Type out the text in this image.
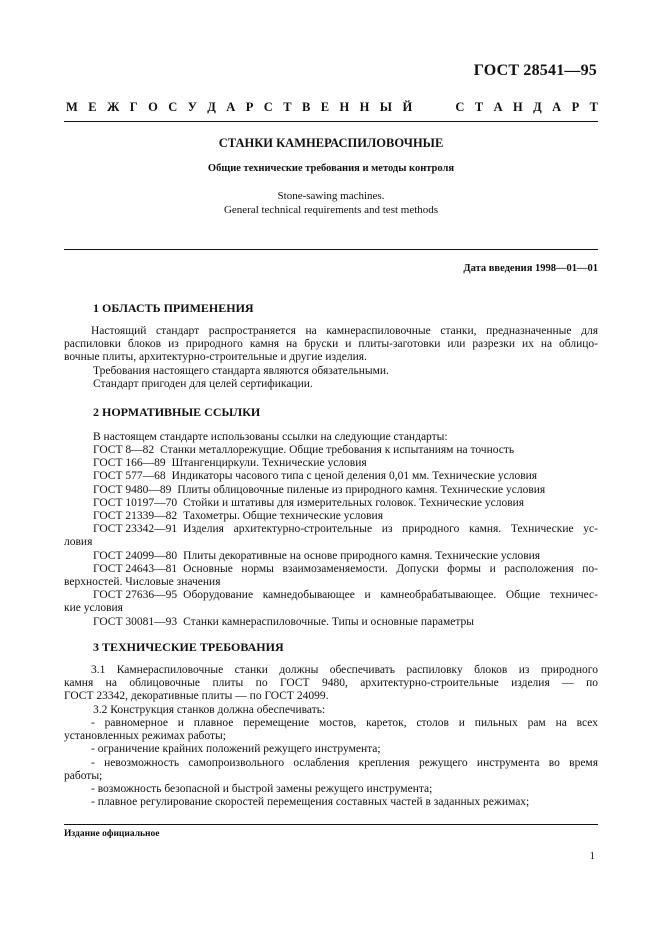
ГОСТ 28541—95
М Е Ж Г О С У Д А Р С Т В Е Н Н Ы Й	С Т А Н Д А Р Т
СТАНКИ КАМНЕРАСПИЛОВОЧНЫЕ
Общие технические требования и методы контроля
Stone-sawing machines.
General technical requirements and test methods
Дата введения 1998—01—01
1 ОБЛАСТЬ ПРИМЕНЕНИЯ
Настоящий стандарт распространяется на камнераспиловочные станки, предназначенные для
распиловки блоков из природного камня на бруски и плиты-заготовки или разрезки их на облицо-
вочные плиты, архитектурно-строительные и другие изделия.
Требования настоящего стандарта являются обязательными.
Стандарт пригоден для целей сертификации.
2 НОРМАТИВНЫЕ ССЫЛКИ
В настоящем стандарте использованы ссылки на следующие стандарты:
ГОСТ 8—82 Станки металлорежущие. Общие требования к испытаниям на точность
ГОСТ 166—89 Штангенциркули. Технические условия
ГОСТ 577—68 Индикаторы часового типа с ценой деления 0,01 мм. Технические условия
ГОСТ 9480—89 Плиты облицовочные пиленые из природного камня. Технические условия
ГОСТ 10197—70 Стойки и штативы для измерительных головок. Технические условия
ГОСТ 21339—82 Тахометры. Общие технические условия
ГОСТ 23342—91 Изделия архитектурно-строительные из природного камня. Технические ус-
ловия
ГОСТ 24099—80 Плиты декоративные на основе природного камня. Технические условия
ГОСТ 24643—81 Основные нормы взаимозаменяемости. Допуски формы и расположения по-
верхностей. Числовые значения
ГОСТ 27636—95 Оборудование камнедобывающее и камнеобрабатывающее. Общие техничес-
кие условия
ГОСТ 30081—93 Станки камнераспиловочные. Типы и основные параметры
3 ТЕХНИЧЕСКИЕ ТРЕБОВАНИЯ
3.1 Камнераспиловочные станки должны обеспечивать распиловку блоков из природного
камня на облицовочные плиты по ГОСТ 9480, архитектурно-строительные изделия — по
ГОСТ 23342, декоративные плиты — по ГОСТ 24099.
3.2 Конструкция станков должна обеспечивать:
- равномерное и плавное перемещение мостов, кареток, столов и пильных рам на всех
установленных режимах работы;
- ограничение крайних положений режущего инструмента;
- невозможность самопроизвольного ослабления крепления режущего инструмента во время
работы;
- возможность безопасной и быстрой замены режущего инструмента;
- плавное регулирование скоростей перемещения составных частей в заданных режимах;
Издание официальное
1
